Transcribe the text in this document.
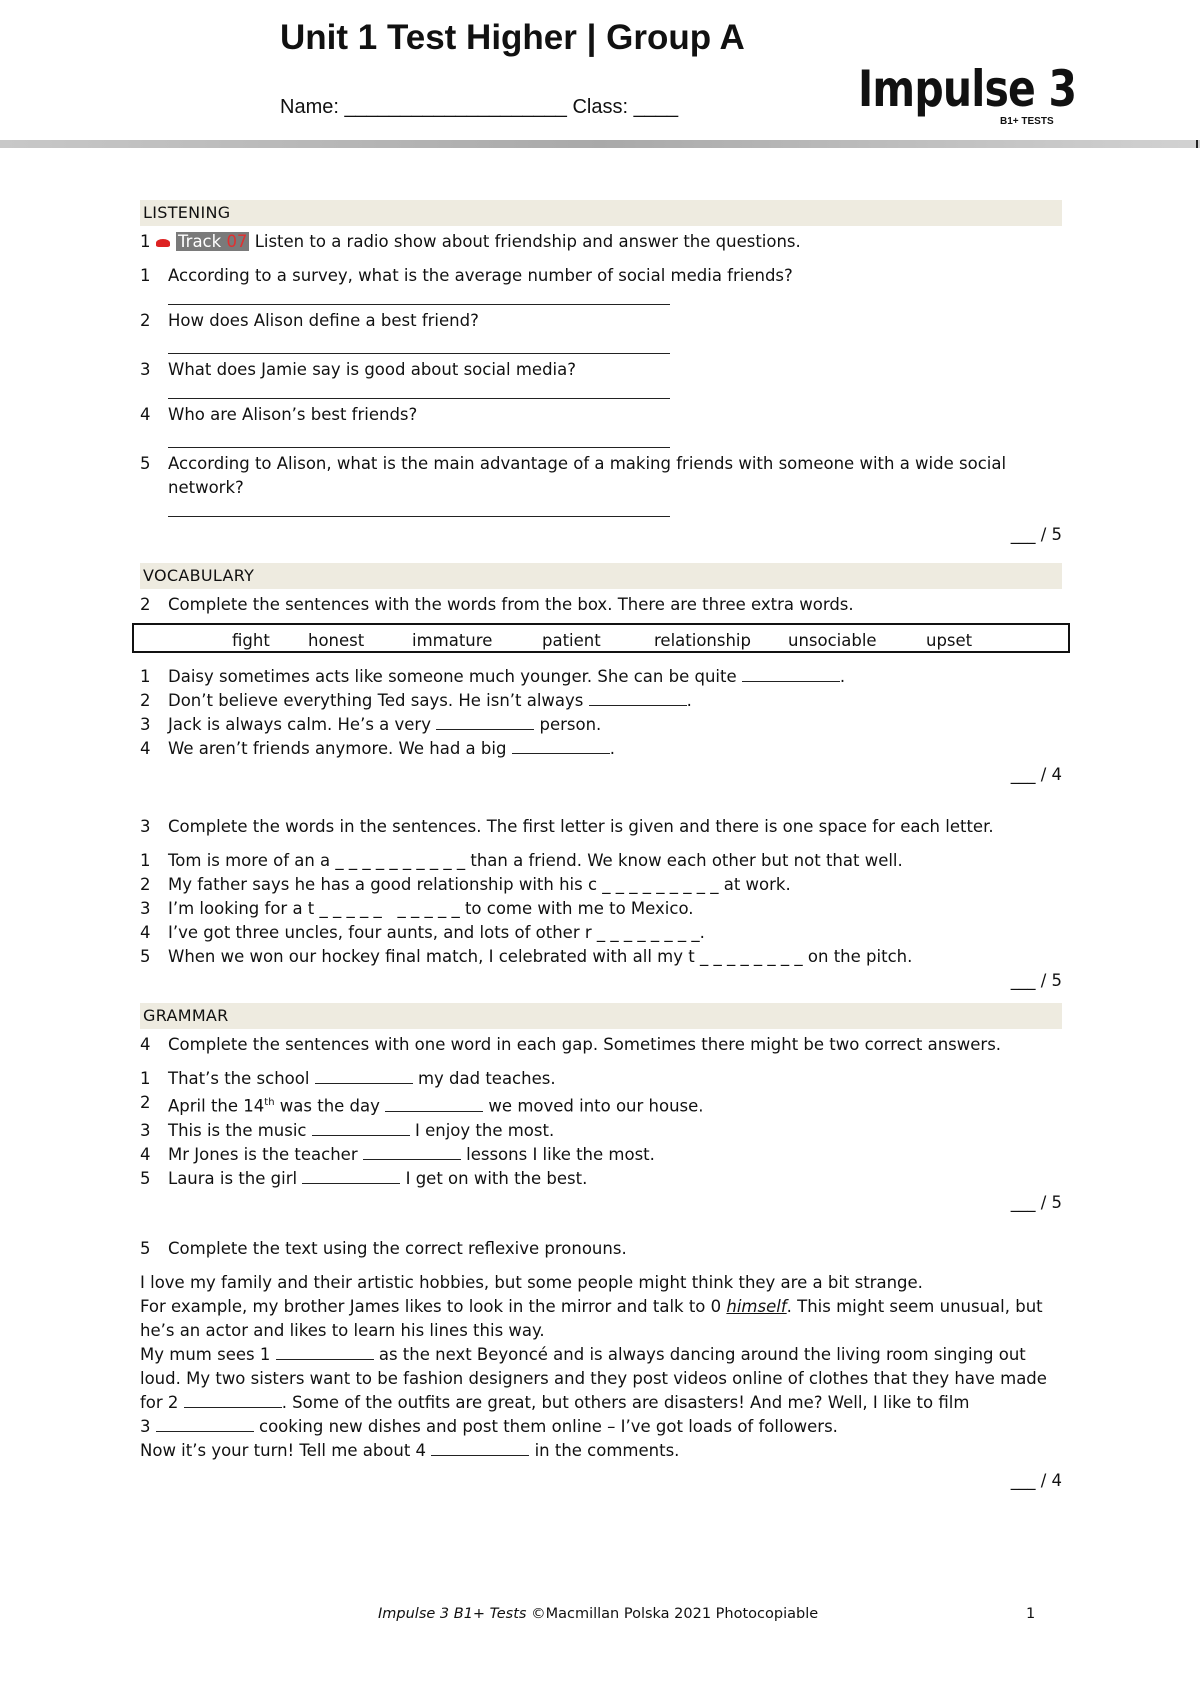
Unit 1 Test Higher | Group A
Name: ____________________ Class: ____	Impulse 3
B1+ TESTS
LISTENING
1	Track 07 Listen to a radio show about friendship and answer the questions.
1	According to a survey, what is the average number of social media friends?
2	How does Alison define a best friend?
3	What does Jamie say is good about social media?
4	Who are Alison’s best friends?
5	According to Alison, what is the main advantage of a making friends with someone with a wide social network?
___ / 5
VOCABULARY
2	Complete the sentences with the words from the box. There are three extra words.
fight honest	immature	patient	relationship unsociable	upset
1	Daisy sometimes acts like someone much younger. She can be quite	.
2	Don’t believe everything Ted says. He isn’t always	.
3	Jack is always calm. He’s a very	person.
4	We aren’t friends anymore. We had a big	.
___ / 4
3	Complete the words in the sentences. The first letter is given and there is one space for each letter.
1	Tom is more of an a _ _ _ _ _ _ _ _ _ _ than a friend. We know each other but not that well.
2	My father says he has a good relationship with his c _ _ _ _ _ _ _ _ _ at work.
3	I’m looking for a t _ _ _ _ _   _ _ _ _ _ to come with me to Mexico.
4	I’ve got three uncles, four aunts, and lots of other r _ _ _ _ _ _ _ _.
5	When we won our hockey final match, I celebrated with all my t _ _ _ _ _ _ _ _ on the pitch.
___ / 5
GRAMMAR
4	Complete the sentences with one word in each gap. Sometimes there might be two correct answers.
1	That’s the school	my dad teaches.
2	April the 14th was the day	we moved into our house.
3	This is the music	I enjoy the most.
4	Mr Jones is the teacher	lessons I like the most.
5	Laura is the girl	I get on with the best.
___ / 5
5	Complete the text using the correct reflexive pronouns.
I love my family and their artistic hobbies, but some people might think they are a bit strange.
For example, my brother James likes to look in the mirror and talk to 0 himself. This might seem unusual, but
he’s an actor and likes to learn his lines this way.
My mum sees 1	as the next Beyoncé and is always dancing around the living room singing out
loud. My two sisters want to be fashion designers and they post videos online of clothes that they have made
for 2	. Some of the outfits are great, but others are disasters! And me? Well, I like to film
3	cooking new dishes and post them online – I’ve got loads of followers.
Now it’s your turn! Tell me about 4	in the comments.
___ / 4
Impulse 3 B1+ Tests ©Macmillan Polska 2021 Photocopiable	1
